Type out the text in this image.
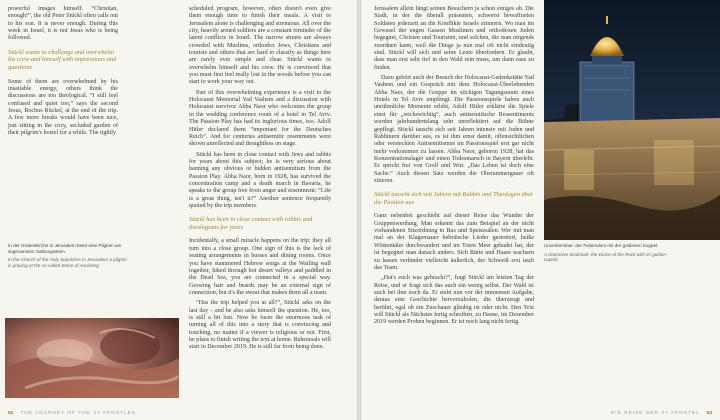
powerful images himself. “Christian, enough!”, the old Peter Stückl often calls out to his son. It is never enough. During this week in Israel, it is not Jesus who is being followed.

Stückl wants to challenge and overwhelm his crew and himself with impressions and questions

Some of them are overwhelmed by his insatiable energy, others think the discussions are too theological. “I still feel confused and quiet too,” says the second Jesus, Rochus Rückel, at the end of the trip. A few more breaks would have been nice, just sitting in the cozy, secluded garden of their pilgrim's hostel for a while. The tightly

In der Grabeskirche in Jerusalem betet eine Pilgerin am sogenannten Salbungsstein.
In the Church of the Holy Sepulchre in Jerusalem a pilgrim is praying at the so-called Stone of Anointing.

scheduled program, however, often doesn't even give them enough time to finish their meals. A visit to Jerusalem alone is challenging and strenuous. All over the city, heavily armed soldiers are a constant reminder of the latent conflicts in Israel. The narrow streets are always crowded with Muslims, orthodox Jews, Christians and tourists and others that are hard to classify as things here are rarely ever simple and clear. Stückl wants to overwhelm himself and his crew. He is convinced that you must first feel really lost in the woods before you can start to work your way out.

Part of this overwhelming experience is a visit to the Holocaust Memorial Yad Vashem and a discussion with Holocaust survivor Abba Naor who welcomes the group in the wedding conference room of a hotel in Tel Aviv. The Passion Play has had its inglorious times, too. Adolf Hitler declared them “important for the Deutsches Reich”. And for centuries antisemitic resentments were shown unreflected and thoughtless on stage.

Stückl has been in close contact with Jews and rabbis for years about this subject; he is very serious about banning any obvious or hidden antisemitism from the Passion Play. Abba Naor, born in 1928, has survived the concentration camp and a death march in Bavaria, he speaks to the group free from anger and resentment: “Life is a great thing, isn't it?” Another sentence frequently quoted by the trip members.

Stückl has been in close contact with rabbis and theologians for years

Incidentally, a small miracle happens on the trip: they all turn into a close group. One sign of this is the lack of seating arrangements in busses and dining rooms. Once you have stammered Hebrew songs at the Wailing wall together, hiked through hot desert valleys and paddled in the Dead Sea, you are connected in a special way. Growing hair and beards may be an external sign of connection, but it's the sweat that makes them all a team.

“Has the trip helped you at all?”, Stückl asks on the last day – and he also asks himself the question. He, too, is still a bit lost. Now he faces the enormous task of turning all of this into a story that is convincing and touching, no matter if a viewer is religious or not. First, he plans to finish writing the text at home. Rehearsals will start in December 2019. He is still far from being done.

52 THE JOURNEY OF THE 37 APOSTLES

Jerusalem allein fängt seinen Besuchern ja schon einiges ab. Die Stadt, in der die überall präsenten, schwerst bewaffneten Soldaten jederzeit an die Konflikte Israels erinnern. Wo man im Gewusel der engen Gassen Muslimen und orthodoxen Juden begegnet, Christen und Touristen, und solchen, die man nirgends zuordnen kann, weil die Dinge ja nun mal oft nicht eindeutig sind. Stückl will sich und seine Leute überfordern. Er glaubt, dass man erst sehr tief in den Wald rein muss, um dann raus zu finden.

Dazu gehört auch der Besuch der Holocaust-Gedenkstätte Yad Vashem und ein Gespräch mit dem Holocaust-Überlebenden Abba Naor, der die Gruppe im stickigen Tagungsraum eines Hotels in Tel Aviv empfängt. Die Passionsspiele haben auch unrühmliche Momente erlebt, Adolf Hitler erklärte die Spiele einst für „reichswichtig“, auch antisemitische Ressentiments wurden jahrhundertelang sehr unreflektiert auf die Bühne gepflegt. Stückl tauscht sich seit Jahren intensiv mit Juden und Rabbinern darüber aus, es ist ihm ernst damit, offensichtlichen oder versteckten Antisemitismus im Passionsspiel erst gar nicht mehr vorkommen zu lassen. Abba Naor, geboren 1928, hat das Konzentrationslager und einen Todesmarsch in Bayern überlebt. Er spricht frei von Groll und Wut: „Das Leben ist doch eine Sache.“ Auch diesen Satz werden die Oberammergauer oft zitieren.

Stückl tauscht sich seit Jahren mit Rabbis und Theologen über die Passion aus

Ganz nebenbei geschieht auf dieser Reise das Wunder der Gruppenwerdung. Man erkennt das zum Beispiel an der nicht vorhandenen Sitzordnung in Bus und Speisesälen. Wer mit man mal an der Klagemauer hebräische Lieder gestottert, heiße Wüstentäler durchwandert und im Toten Meer gebadet hat, der ist begegnet man danach anders. Sich Bärte und Haare wachsen zu lassen verbindet vielleicht äußerlich, der Schweiß erst taufi das Team.

„Hat's euch was gebracht?“, fragt Stückl am letzten Tag der Reise, und er fragt sich das auch ein wenig selbst. Der Wald ist auch bei ihm noch da. Er steht nun vor der immensen Aufgabe, daraus eine Geschichte hervorzuholen, die überzeugt und berührt, egal ob ein Zuschauer gläubig ist oder nicht. Den Text will Stückl als Nächstes fertig schreiben, zu Hause, im Dezember 2019 werden Proben beginnen. Er ist noch lang nicht fertig.

Unverkennbar: der Felsendom mit der goldenen Kuppel.
A distinctive landmark: the Dome of the Rock with its golden cupola.
DIE REISE DER 37 APOSTEL 53
